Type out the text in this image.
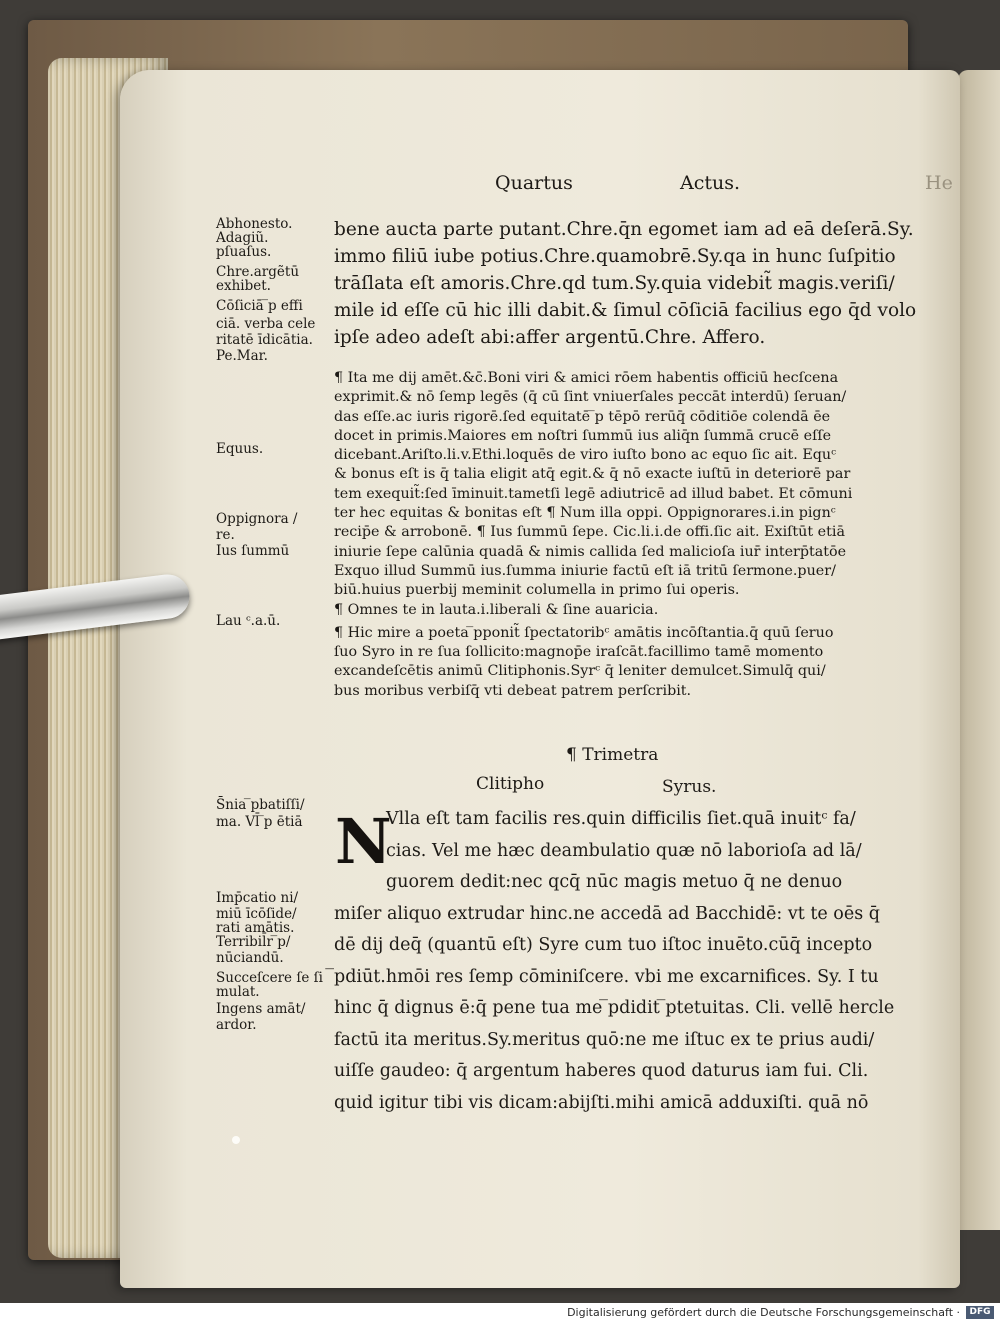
Quartus	Actus.	He
Abhonesto.
Adagiũ.
pſuaſus.
Chre.argẽtū
exhibet.
Cōſiciā ̅p effi
ciā. verba cele
ritatē īdicātia.
Pe.Mar.
Equus.
Oppignora /
re.
Ius ſummū
Lau ᶜ.a.ū.
S̄nia ̅pbatiſſi/
ma. Vl̄ ̅p ētiā
Imp̄catio ni/
miū īcōſide/
rati amātis.
Terribil̄r ̅p/
nūciandū.
Succeſcere ſe ſi
mulat.
Ingens amāt/
ardor.
bene aucta parte putant.Chre.q̄n egomet iam ad eā deſerā.Sy.
immo filiū iube potius.Chre.quamobrē.Sy.qa in hunc ſuſpitio
trāſlata eſt amoris.Chre.qd tum.Sy.quia videbit̃ magis.veriſi/
mile id eſſe cū hic illi dabit.& ſimul cōſiciā facilius ego q̄d volo
ipſe adeo adeſt abi:affer argentū.Chre. Affero.
¶ Ita me dij amēt.&c̄.Boni viri & amici rōem habentis officiū hecſcena
exprimit.& nō ſemp legēs (q̄ cū ſint vniuerſales peccāt interdū) ſeruan/
das eſſe.ac iuris rigorē.ſed equitatē ̅p tēpō rerūq̄ cōditiōe colendā ēe
docet in primis.Maiores em noſtri ſummū ius aliq̄n ſummā crucē eſſe
dicebant.Ariſto.li.v.Ethi.loquēs de viro iuſto bono ac equo ſic ait. Equᶜ
& bonus eſt is q̄ talia eligit atq̄ egit.& q̄ nō exacte iuſtū in deteriorē par
tem exequit̃:ſed īminuit.tametſi legē adiutricē ad illud babet. Et cōmuni
ter hec equitas & bonitas eſt ¶ Num illa oppi. Oppignorares.i.in pignᶜ
recip̄e & arrobonē. ¶ Ius ſummū ſepe. Cic.li.i.de offi.ſic ait. Exiſtūt etiā
iniurie ſepe calūnia quadā & nimis callida ſed malicioſa iur̄ interp̄tatōe
Exquo illud Summū ius.ſumma iniurie factū eſt iā tritū ſermone.puer/
biū.huius puerbij meminit columella in primo ſui operis.
¶ Omnes te in lauta.i.liberali & ſine auaricia.
¶ Hic mire a poeta ̅pponit̃ ſpectatoribᶜ amātis incōſtantia.q̄ quū ſeruo
ſuo Syro in re ſua ſollicito:magnop̄e iraſcāt.facillimo tamē momento
excandeſcētis animū Clitiphonis.Syrᶜ q̄ leniter demulcet.Simulq̄ qui/
bus moribus verbiſq̄ vti debeat patrem perſcribit.
¶ Trimetra
Clitipho	Syrus.
N
Vlla eſt tam facilis res.quin difficilis ſiet.quā inuitᶜ fa/
cias. Vel me hæc deambulatio quæ nō laborioſa ad lā/
guorem dedit:nec qcq̄ nūc magis metuo q̄ ne denuo
miſer aliquo extrudar hinc.ne accedā ad Bacchidē: vt te oēs q̄
dē dij deq̄ (quantū eſt) Syre cum tuo iſtoc inuēto.cūq̄ incepto
̅pdiūt.hmōi res ſemp cōminiſcere. vbi me excarnifices. Sy. I tu
hinc q̄ dignus ē:q̄ pene tua me ̅pdidit ̅ptetuitas. Cli. vellē hercle
factū ita meritus.Sy.meritus quō:ne me iſtuc ex te prius audi/
uiſſe gaudeo: q̄ argentum haberes quod daturus iam fui. Cli.
quid igitur tibi vis dicam:abijſti.mihi amicā adduxiſti. quā nō
Digitalisierung gefördert durch die Deutsche Forschungsgemeinschaft ·	DFG
